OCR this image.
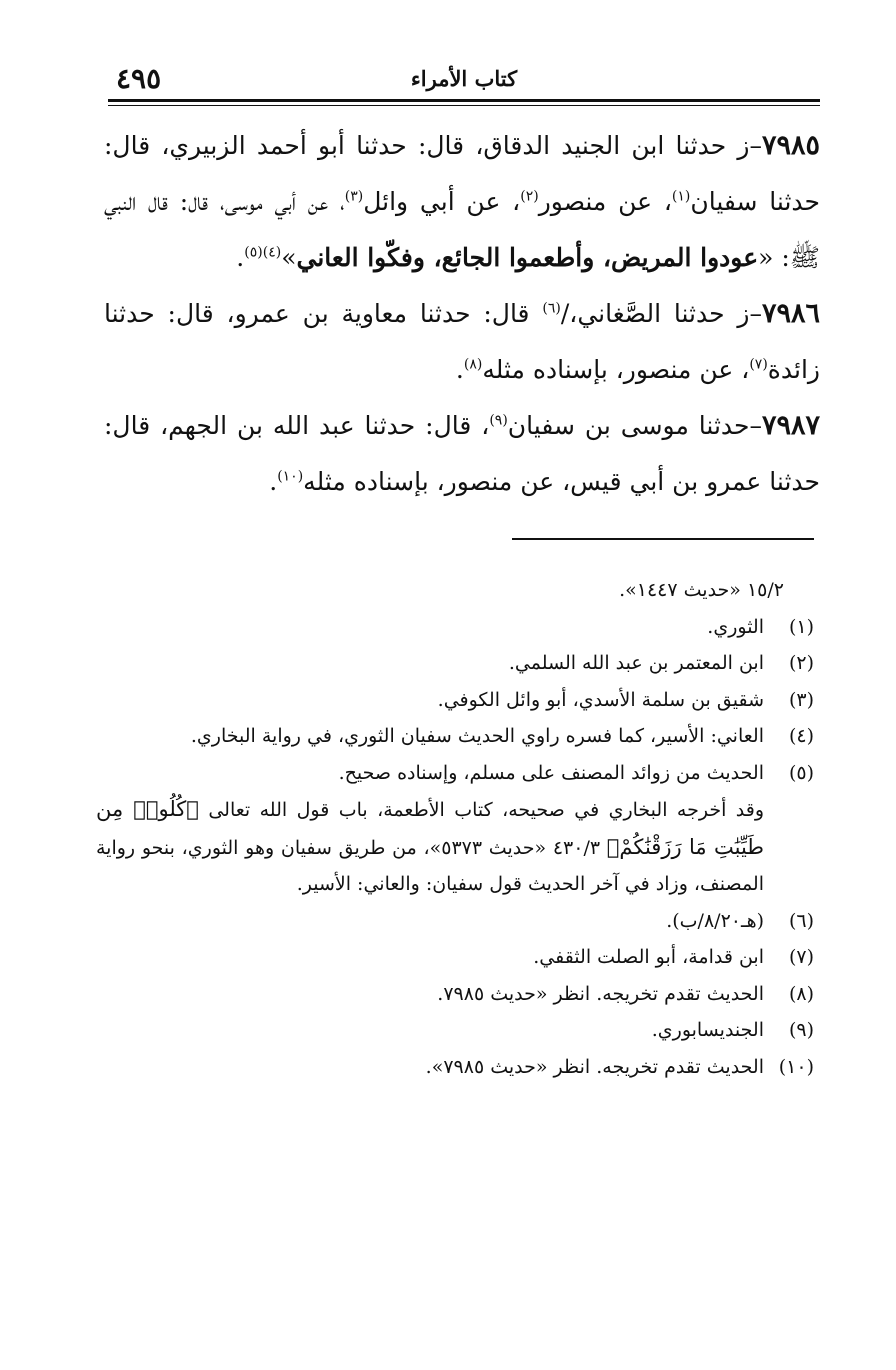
٤٩٥	كتاب الأمراء

٧٩٨٥–ز حدثنا ابن الجنيد الدقاق، قال: حدثنا أبو أحمد الزبيري، قال: حدثنا سفيان$^{(١)}$، عن منصور$^{(٢)}$، عن أبي وائل$^{(٣)}$، عن أبي موسى، قال: قال النبي ﷺ: «عودوا المريض، وأطعموا الجائع، وفكّوا العاني»$^{(٤)(٥)}$.

٧٩٨٦–ز حدثنا الصَّغاني،/$^{(٦)}$ قال: حدثنا معاوية بن عمرو، قال: حدثنا زائدة$^{(٧)}$، عن منصور، بإسناده مثله$^{(٨)}$.

٧٩٨٧–حدثنا موسى بن سفيان$^{(٩)}$، قال: حدثنا عبد الله بن الجهم، قال: حدثنا عمرو بن أبي قيس، عن منصور، بإسناده مثله$^{(١٠)}$.

١٥/٢ «حديث ١٤٤٧».

(١)الثوري.

(٢)ابن المعتمر بن عبد الله السلمي.

(٣)شقيق بن سلمة الأسدي، أبو وائل الكوفي.

(٤)العاني: الأسير، كما فسره راوي الحديث سفيان الثوري، في رواية البخاري.

(٥)الحديث من زوائد المصنف على مسلم، وإسناده صحيح.

وقد أخرجه البخاري في صحيحه، كتاب الأطعمة، باب قول الله تعالى ﴿كُلُوا۟ مِن طَيِّبَٰتِ مَا رَزَقْنَٰكُمْ﴾ ٤٣٠/٣ «حديث ٥٣٧٣»، من طريق سفيان وهو الثوري، بنحو رواية المصنف، وزاد في آخر الحديث قول سفيان: والعاني: الأسير.

(٦)(هـ٨/٢٠/ب).

(٧)ابن قدامة، أبو الصلت الثقفي.

(٨)الحديث تقدم تخريجه. انظر «حديث ٧٩٨٥.

(٩)الجنديسابوري.

(١٠)الحديث تقدم تخريجه. انظر «حديث ٧٩٨٥».
